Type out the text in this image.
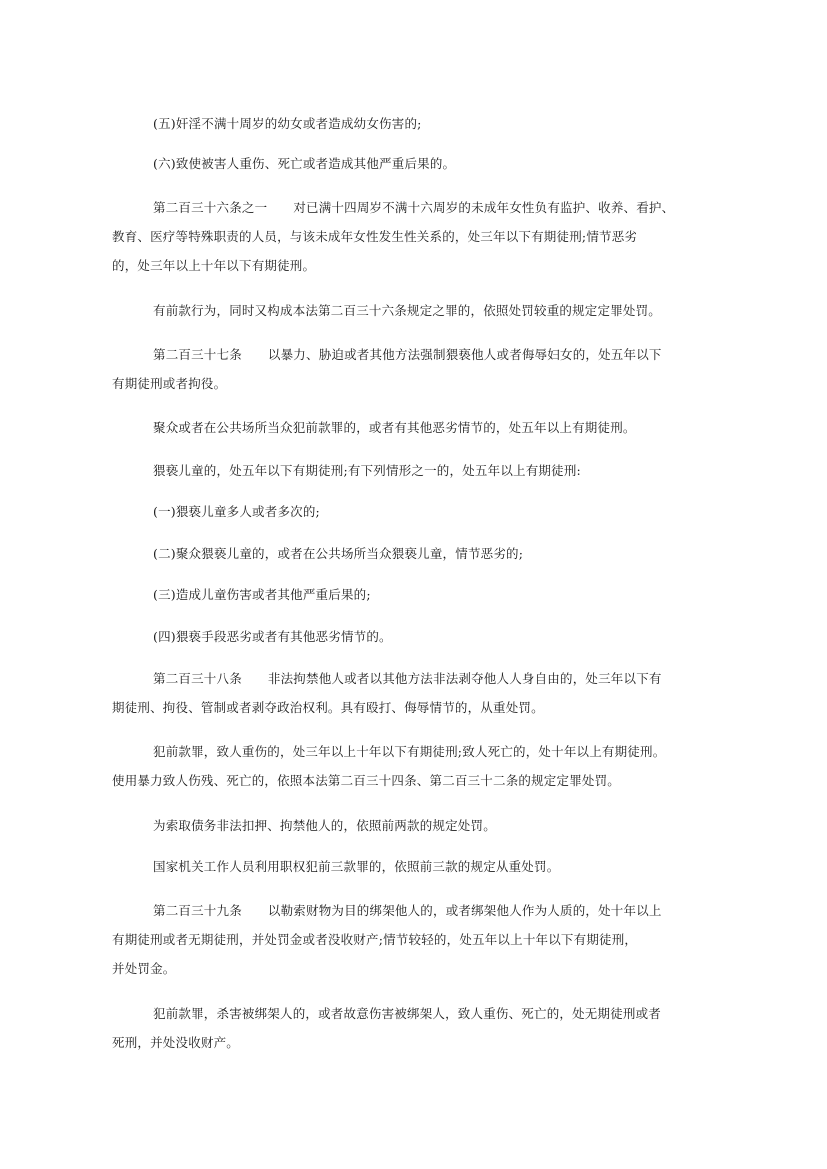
(五)奸淫不满十周岁的幼女或者造成幼女伤害的;
(六)致使被害人重伤、死亡或者造成其他严重后果的。
第二百三十六条之一 对已满十四周岁不满十六周岁的未成年女性负有监护、收养、看护、
教育、医疗等特殊职责的人员，与该未成年女性发生性关系的，处三年以下有期徒刑;情节恶劣
的，处三年以上十年以下有期徒刑。
有前款行为，同时又构成本法第二百三十六条规定之罪的，依照处罚较重的规定定罪处罚。
第二百三十七条 以暴力、胁迫或者其他方法强制猥亵他人或者侮辱妇女的，处五年以下
有期徒刑或者拘役。
聚众或者在公共场所当众犯前款罪的，或者有其他恶劣情节的，处五年以上有期徒刑。
猥亵儿童的，处五年以下有期徒刑;有下列情形之一的，处五年以上有期徒刑:
(一)猥亵儿童多人或者多次的;
(二)聚众猥亵儿童的，或者在公共场所当众猥亵儿童，情节恶劣的;
(三)造成儿童伤害或者其他严重后果的;
(四)猥亵手段恶劣或者有其他恶劣情节的。
第二百三十八条 非法拘禁他人或者以其他方法非法剥夺他人人身自由的，处三年以下有
期徒刑、拘役、管制或者剥夺政治权利。具有殴打、侮辱情节的，从重处罚。
犯前款罪，致人重伤的，处三年以上十年以下有期徒刑;致人死亡的，处十年以上有期徒刑。
使用暴力致人伤残、死亡的，依照本法第二百三十四条、第二百三十二条的规定定罪处罚。
为索取债务非法扣押、拘禁他人的，依照前两款的规定处罚。
国家机关工作人员利用职权犯前三款罪的，依照前三款的规定从重处罚。
第二百三十九条 以勒索财物为目的绑架他人的，或者绑架他人作为人质的，处十年以上
有期徒刑或者无期徒刑，并处罚金或者没收财产;情节较轻的，处五年以上十年以下有期徒刑，
并处罚金。
犯前款罪，杀害被绑架人的，或者故意伤害被绑架人，致人重伤、死亡的，处无期徒刑或者
死刑，并处没收财产。
